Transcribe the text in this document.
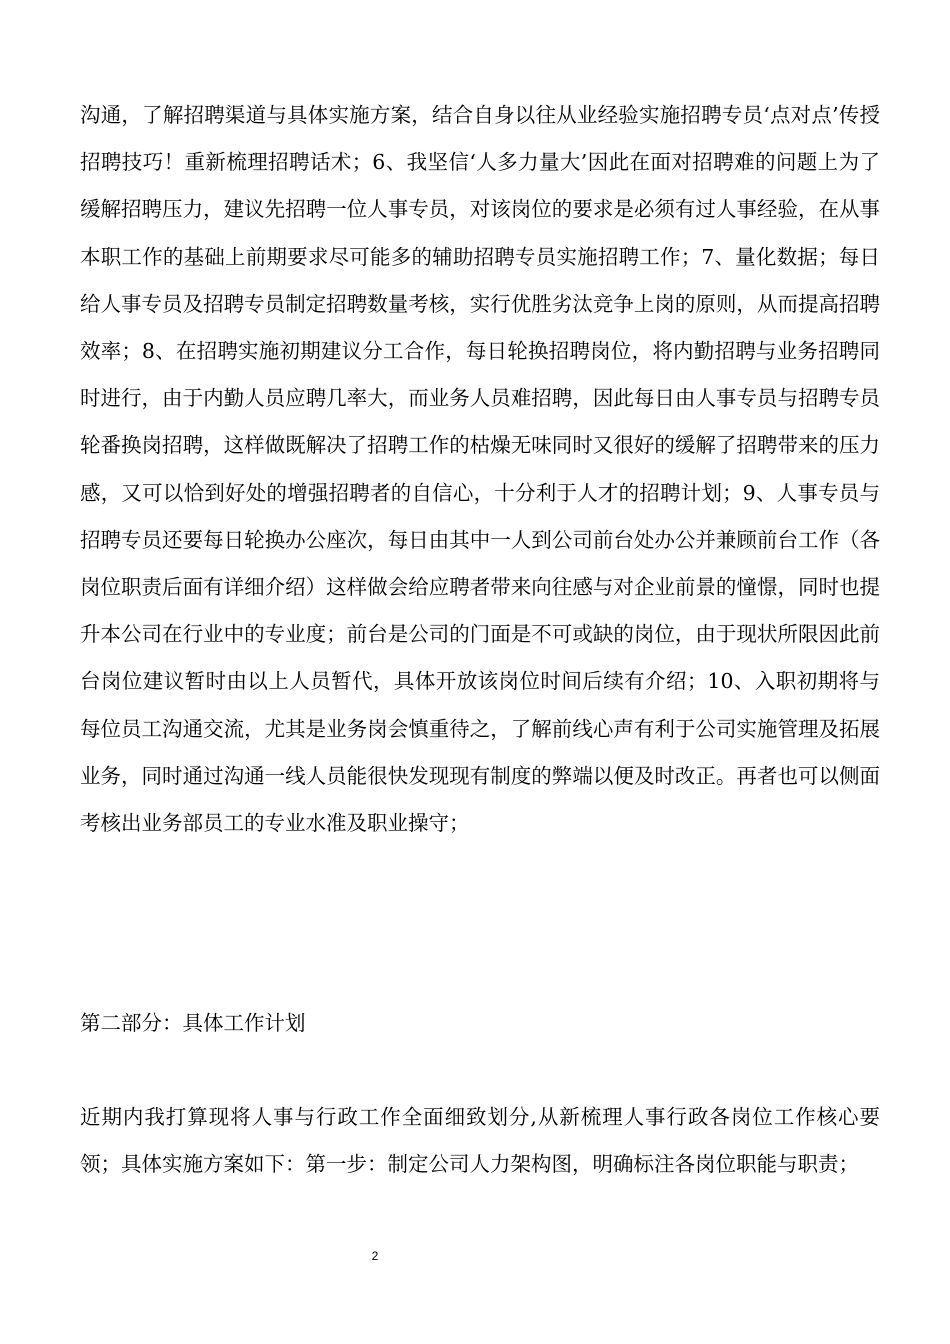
沟通，了解招聘渠道与具体实施方案，结合自身以往从业经验实施招聘专员‘点对点’传授招聘技巧！重新梳理招聘话术；6、我坚信‘人多力量大’因此在面对招聘难的问题上为了缓解招聘压力，建议先招聘一位人事专员，对该岗位的要求是必须有过人事经验，在从事本职工作的基础上前期要求尽可能多的辅助招聘专员实施招聘工作；7、量化数据；每日给人事专员及招聘专员制定招聘数量考核，实行优胜劣汰竞争上岗的原则，从而提高招聘效率；8、在招聘实施初期建议分工合作，每日轮换招聘岗位，将内勤招聘与业务招聘同时进行，由于内勤人员应聘几率大，而业务人员难招聘，因此每日由人事专员与招聘专员轮番换岗招聘，这样做既解决了招聘工作的枯燥无味同时又很好的缓解了招聘带来的压力感，又可以恰到好处的增强招聘者的自信心，十分利于人才的招聘计划；9、人事专员与招聘专员还要每日轮换办公座次，每日由其中一人到公司前台处办公并兼顾前台工作（各岗位职责后面有详细介绍）这样做会给应聘者带来向往感与对企业前景的憧憬，同时也提升本公司在行业中的专业度；前台是公司的门面是不可或缺的岗位，由于现状所限因此前台岗位建议暂时由以上人员暂代，具体开放该岗位时间后续有介绍；10、入职初期将与每位员工沟通交流，尤其是业务岗会慎重待之，了解前线心声有利于公司实施管理及拓展业务，同时通过沟通一线人员能很快发现现有制度的弊端以便及时改正。再者也可以侧面考核出业务部员工的专业水准及职业操守；

第二部分：具体工作计划

近期内我打算现将人事与行政工作全面细致划分,从新梳理人事行政各岗位工作核心要领；具体实施方案如下：第一步：制定公司人力架构图，明确标注各岗位职能与职责；

2
